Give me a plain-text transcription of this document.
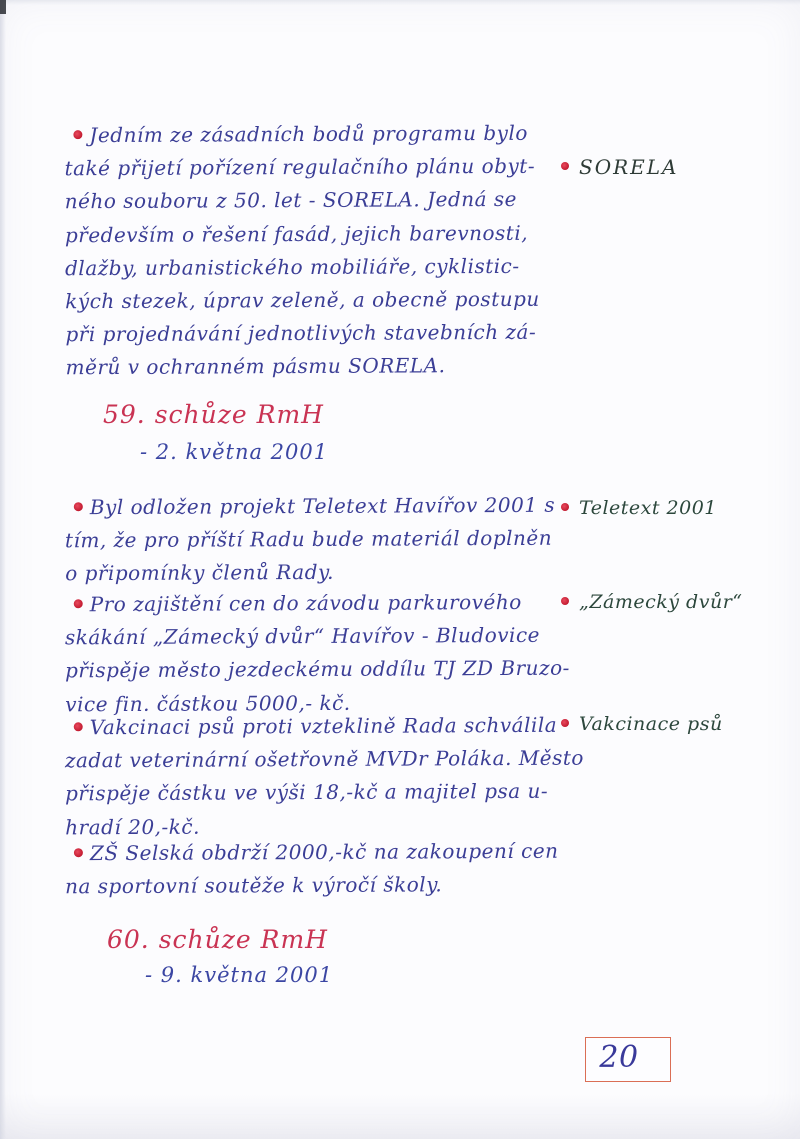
Jedním ze zásadních bodů programu bylo
také přijetí pořízení regulačního plánu obyt-
ného souboru z 50. let - SORELA. Jedná se
především o řešení fasád, jejich barevnosti,
dlažby, urbanistického mobiliáře, cyklistic-
kých stezek, úprav zeleně, a obecně postupu
při projednávání jednotlivých stavebních zá-
měrů v ochranném pásmu SORELA.
SORELA
59. schůze RmH
- 2. května 2001
Byl odložen projekt Teletext Havířov 2001 s
tím, že pro příští Radu bude materiál doplněn
o připomínky členů Rady.
Teletext 2001
Pro zajištění cen do závodu parkurového
skákání „Zámecký dvůr“ Havířov - Bludovice
přispěje město jezdeckému oddílu TJ ZD Bruzo-
vice fin. částkou 5000,- kč.
„Zámecký dvůr“
Vakcinaci psů proti vzteklině Rada schválila
zadat veterinární ošetřovně MVDr Poláka. Město
přispěje částku ve výši 18,-kč a majitel psa u-
hradí 20,-kč.
Vakcinace psů
ZŠ Selská obdrží 2000,-kč na zakoupení cen
na sportovní soutěže k výročí školy.
60. schůze RmH
- 9. května 2001
20
